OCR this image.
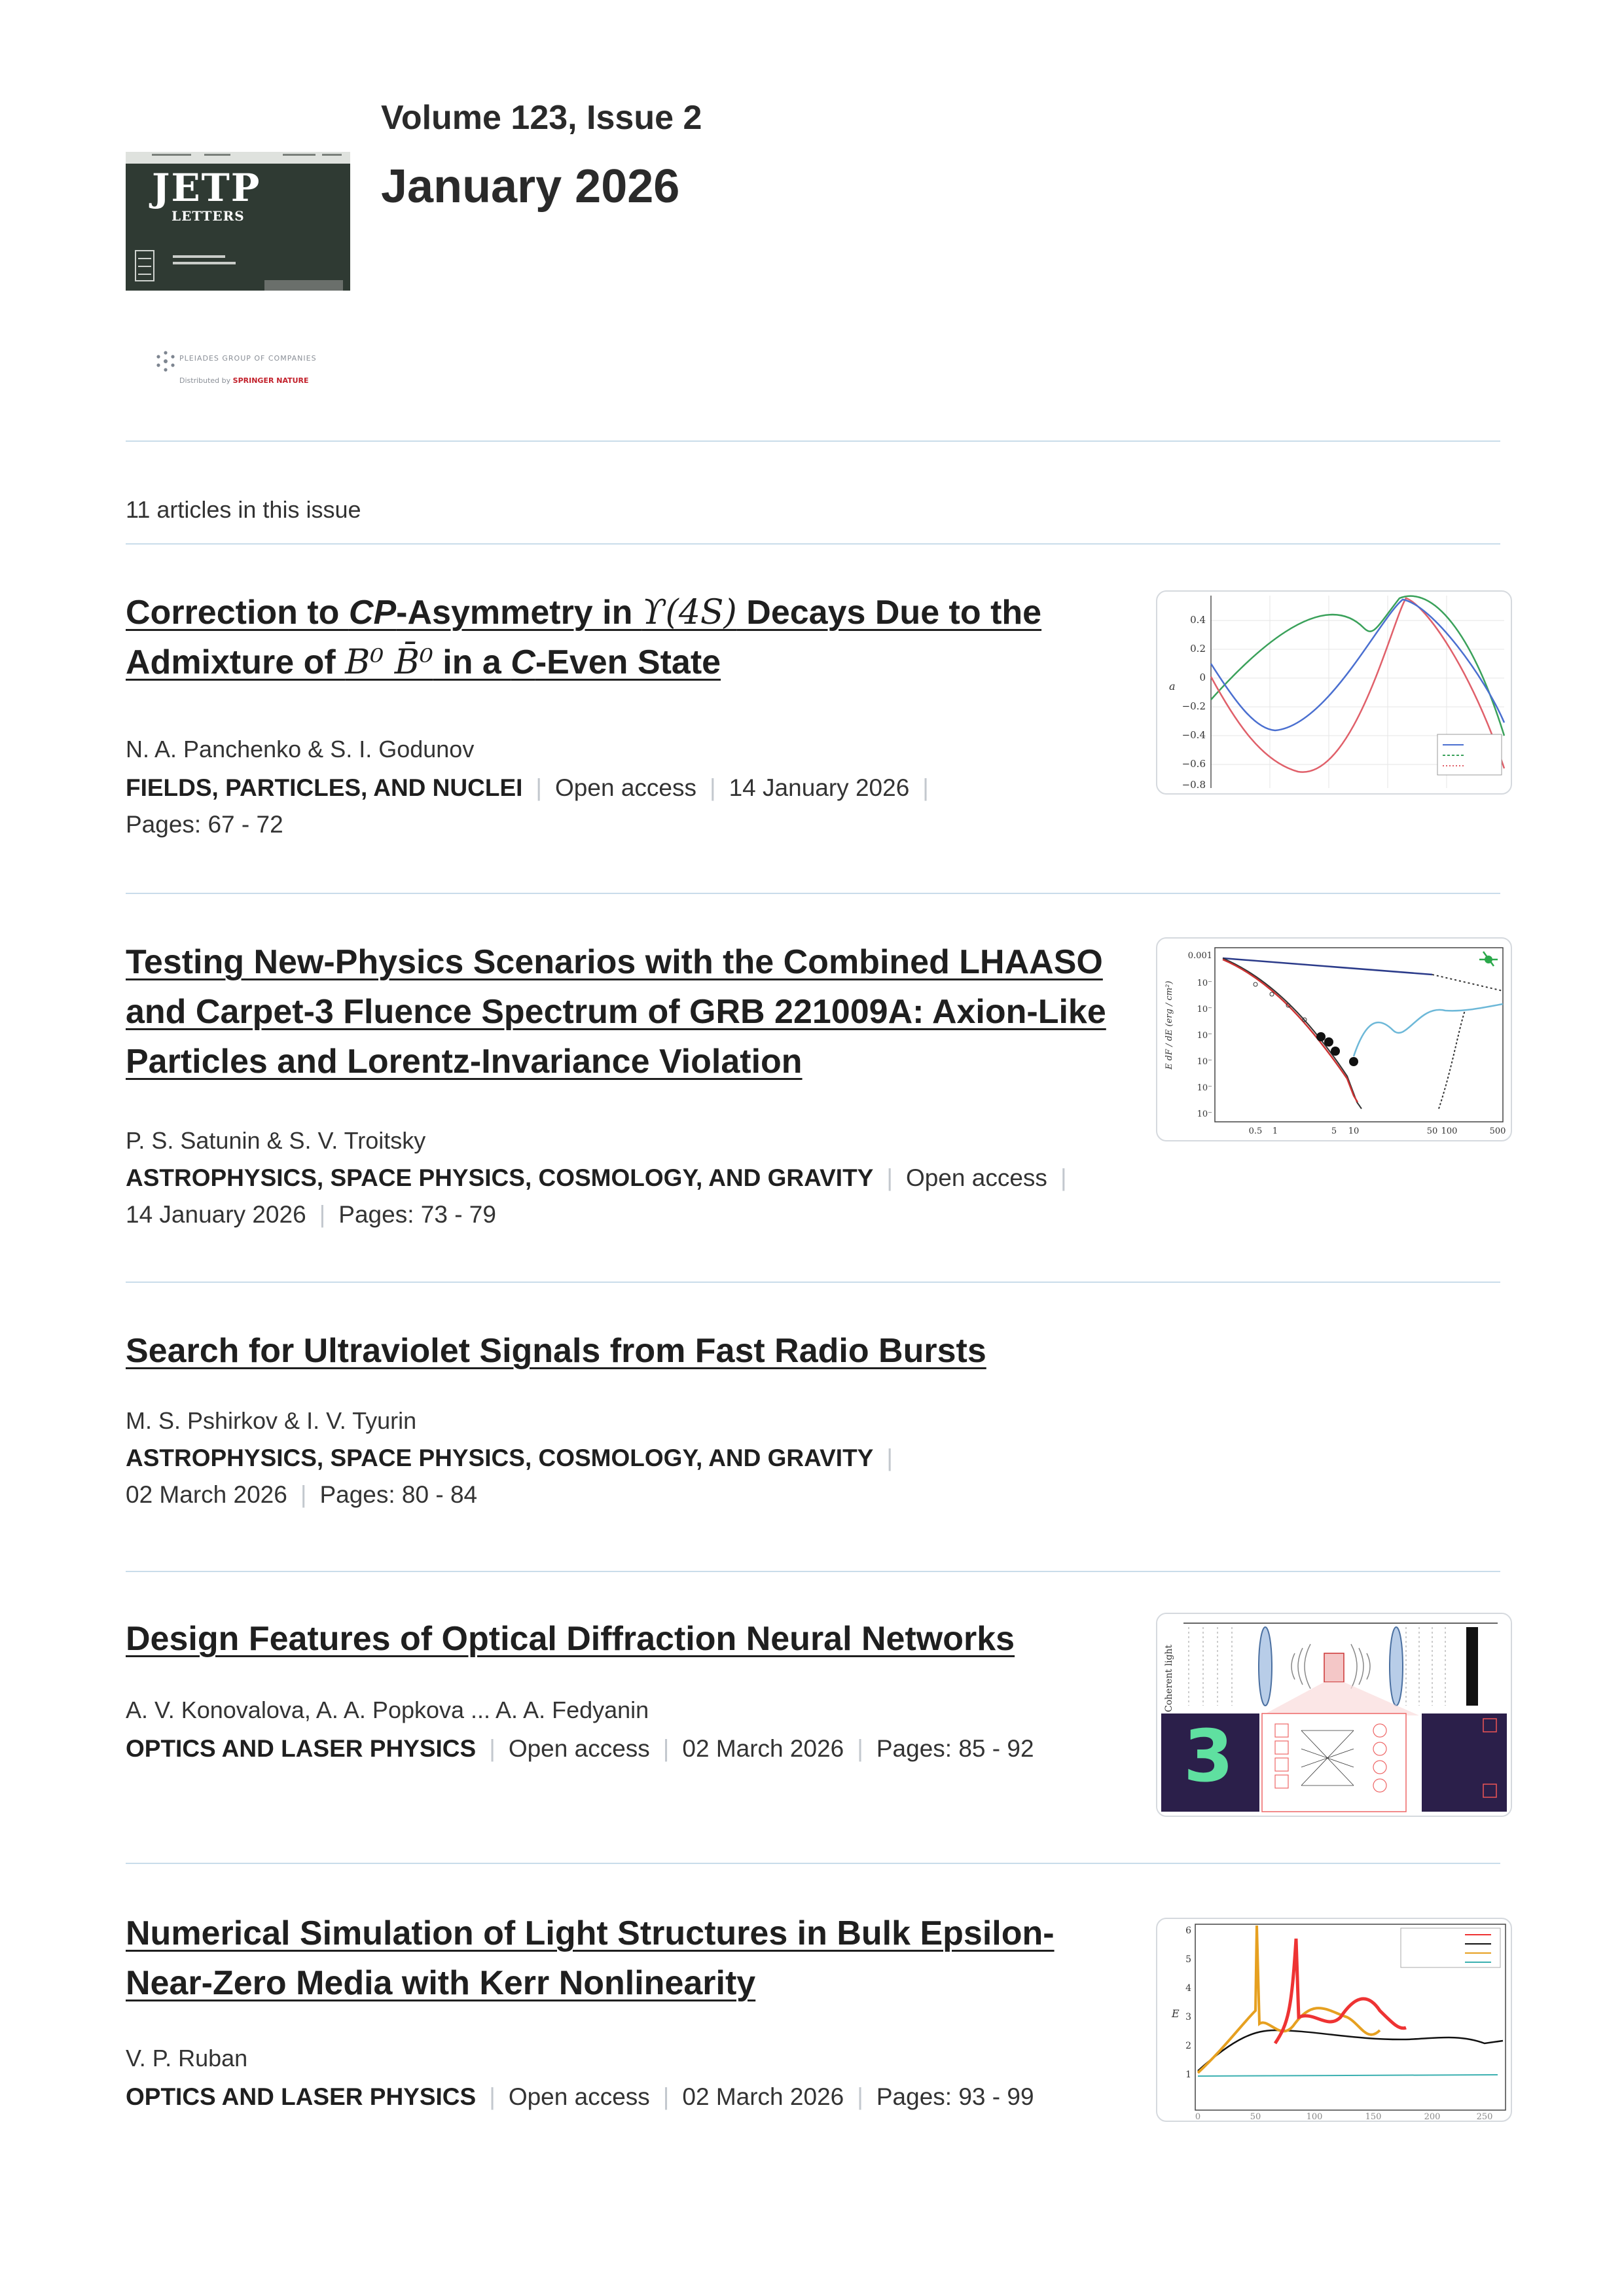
JETP
LETTERS
PLEIADES GROUP OF COMPANIES
Distributed by SPRINGER NATURE
Volume 123, Issue 2
January 2026
11 articles in this issue
Correction to CP-Asymmetry in ϒ(4S) Decays Due to the Admixture of B⁰ B̄⁰ in a C-Even State
N. A. Panchenko & S. I. Godunov
FIELDS, PARTICLES, AND NUCLEI | Open access | 14 January 2026 |
Pages: 67 - 72
0.4
0.2
0
−0.2
−0.4
−0.6
−0.8
a
Testing New-Physics Scenarios with the Combined LHAASO and Carpet-3 Fluence Spectrum of GRB 221009A: Axion-Like Particles and Lorentz-Invariance Violation
P. S. Satunin & S. V. Troitsky
ASTROPHYSICS, SPACE PHYSICS, COSMOLOGY, AND GRAVITY | Open access |
14 January 2026 | Pages: 73 - 79
0.001
10⁻
10⁻
10⁻
10⁻
10⁻
10⁻
0.5 1	5 10	50 100	500
E dF / dE (erg / cm²)
Search for Ultraviolet Signals from Fast Radio Bursts
M. S. Pshirkov & I. V. Tyurin
ASTROPHYSICS, SPACE PHYSICS, COSMOLOGY, AND GRAVITY |
02 March 2026 | Pages: 80 - 84
Design Features of Optical Diffraction Neural Networks
A. V. Konovalova, A. A. Popkova ... A. A. Fedyanin
OPTICS AND LASER PHYSICS | Open access | 02 March 2026 | Pages: 85 - 92
Coherent light
3
Numerical Simulation of Light Structures in Bulk Epsilon-Near-Zero Media with Kerr Nonlinearity
V. P. Ruban
OPTICS AND LASER PHYSICS | Open access | 02 March 2026 | Pages: 93 - 99
6
5
4
3
2
1
E
0	50	100	150	200	250
